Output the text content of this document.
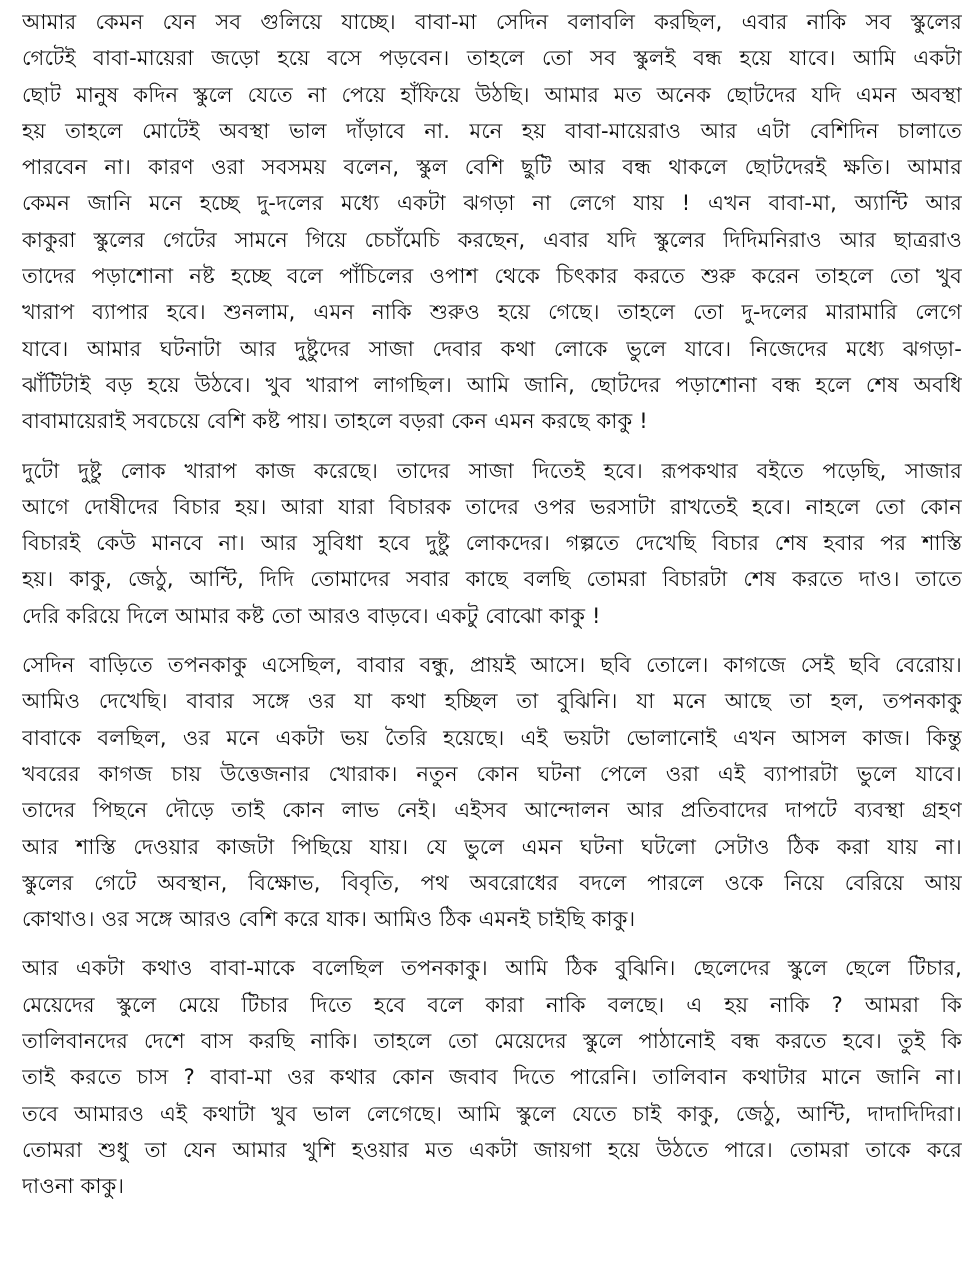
আমার কেমন যেন সব গুলিয়ে যাচ্ছে। বাবা-মা সেদিন বলাবলি করছিল, এবার নাকি সব স্কুলের
গেটেই বাবা-মায়েরা জড়ো হয়ে বসে পড়বেন। তাহলে তো সব স্কুলই বন্ধ হয়ে যাবে। আমি একটা
ছোট মানুষ কদিন স্কুলে যেতে না পেয়ে হাঁফিয়ে উঠছি। আমার মত অনেক ছোটদের যদি এমন অবস্থা
হয় তাহলে মোটেই অবস্থা ভাল দাঁড়াবে না. মনে হয় বাবা-মায়েরাও আর এটা বেশিদিন চালাতে
পারবেন না। কারণ ওরা সবসময় বলেন, স্কুল বেশি ছুটি আর বন্ধ থাকলে ছোটদেরই ক্ষতি। আমার
কেমন জানি মনে হচ্ছে দু-দলের মধ্যে একটা ঝগড়া না লেগে যায় ! এখন বাবা-মা, অ্যান্টি আর
কাকুরা স্কুলের গেটের সামনে গিয়ে চেচাঁমেচি করছেন, এবার যদি স্কুলের দিদিমনিরাও আর ছাত্ররাও
তাদের পড়াশোনা নষ্ট হচ্ছে বলে পাঁচিলের ওপাশ থেকে চিৎকার করতে শুরু করেন তাহলে তো খুব
খারাপ ব্যাপার হবে। শুনলাম, এমন নাকি শুরুও হয়ে গেছে। তাহলে তো দু-দলের মারামারি লেগে
যাবে। আমার ঘটনাটা আর দুষ্টুদের সাজা দেবার কথা লোকে ভুলে যাবে। নিজেদের মধ্যে ঝগড়া-
ঝাঁটিটাই বড় হয়ে উঠবে। খুব খারাপ লাগছিল। আমি জানি, ছোটদের পড়াশোনা বন্ধ হলে শেষ অবধি
বাবামায়েরাই সবচেয়ে বেশি কষ্ট পায়। তাহলে বড়রা কেন এমন করছে কাকু !
দুটো দুষ্টু লোক খারাপ কাজ করেছে। তাদের সাজা দিতেই হবে। রূপকথার বইতে পড়েছি, সাজার
আগে দোষীদের বিচার হয়। আরা যারা বিচারক তাদের ওপর ভরসাটা রাখতেই হবে। নাহলে তো কোন
বিচারই কেউ মানবে না। আর সুবিধা হবে দুষ্টু লোকদের। গল্পতে দেখেছি বিচার শেষ হবার পর শাস্তি
হয়। কাকু, জেঠু, আন্টি, দিদি তোমাদের সবার কাছে বলছি তোমরা বিচারটা শেষ করতে দাও। তাতে
দেরি করিয়ে দিলে আমার কষ্ট তো আরও বাড়বে। একটু বোঝো কাকু !
সেদিন বাড়িতে তপনকাকু এসেছিল, বাবার বন্ধু, প্রায়ই আসে। ছবি তোলে। কাগজে সেই ছবি বেরোয়।
আমিও দেখেছি। বাবার সঙ্গে ওর যা কথা হচ্ছিল তা বুঝিনি। যা মনে আছে তা হল, তপনকাকু
বাবাকে বলছিল, ওর মনে একটা ভয় তৈরি হয়েছে। এই ভয়টা ভোলানোই এখন আসল কাজ। কিন্তু
খবরের কাগজ চায় উত্তেজনার খোরাক। নতুন কোন ঘটনা পেলে ওরা এই ব্যাপারটা ভুলে যাবে।
তাদের পিছনে দৌড়ে তাই কোন লাভ নেই। এইসব আন্দোলন আর প্রতিবাদের দাপটে ব্যবস্থা গ্রহণ
আর শাস্তি দেওয়ার কাজটা পিছিয়ে যায়। যে ভুলে এমন ঘটনা ঘটলো সেটাও ঠিক করা যায় না।
স্কুলের গেটে অবস্থান, বিক্ষোভ, বিবৃতি, পথ অবরোধের বদলে পারলে ওকে নিয়ে বেরিয়ে আয়
কোথাও। ওর সঙ্গে আরও বেশি করে যাক। আমিও ঠিক এমনই চাইছি কাকু।
আর একটা কথাও বাবা-মাকে বলেছিল তপনকাকু। আমি ঠিক বুঝিনি। ছেলেদের স্কুলে ছেলে টিচার,
মেয়েদের স্কুলে মেয়ে টিচার দিতে হবে বলে কারা নাকি বলছে। এ হয় নাকি ? আমরা কি
তালিবানদের দেশে বাস করছি নাকি। তাহলে তো মেয়েদের স্কুলে পাঠানোই বন্ধ করতে হবে। তুই কি
তাই করতে চাস ? বাবা-মা ওর কথার কোন জবাব দিতে পারেনি। তালিবান কথাটার মানে জানি না।
তবে আমারও এই কথাটা খুব ভাল লেগেছে। আমি স্কুলে যেতে চাই কাকু, জেঠু, আন্টি, দাদাদিদিরা।
তোমরা শুধু তা যেন আমার খুশি হওয়ার মত একটা জায়গা হয়ে উঠতে পারে। তোমরা তাকে করে
দাওনা কাকু।
